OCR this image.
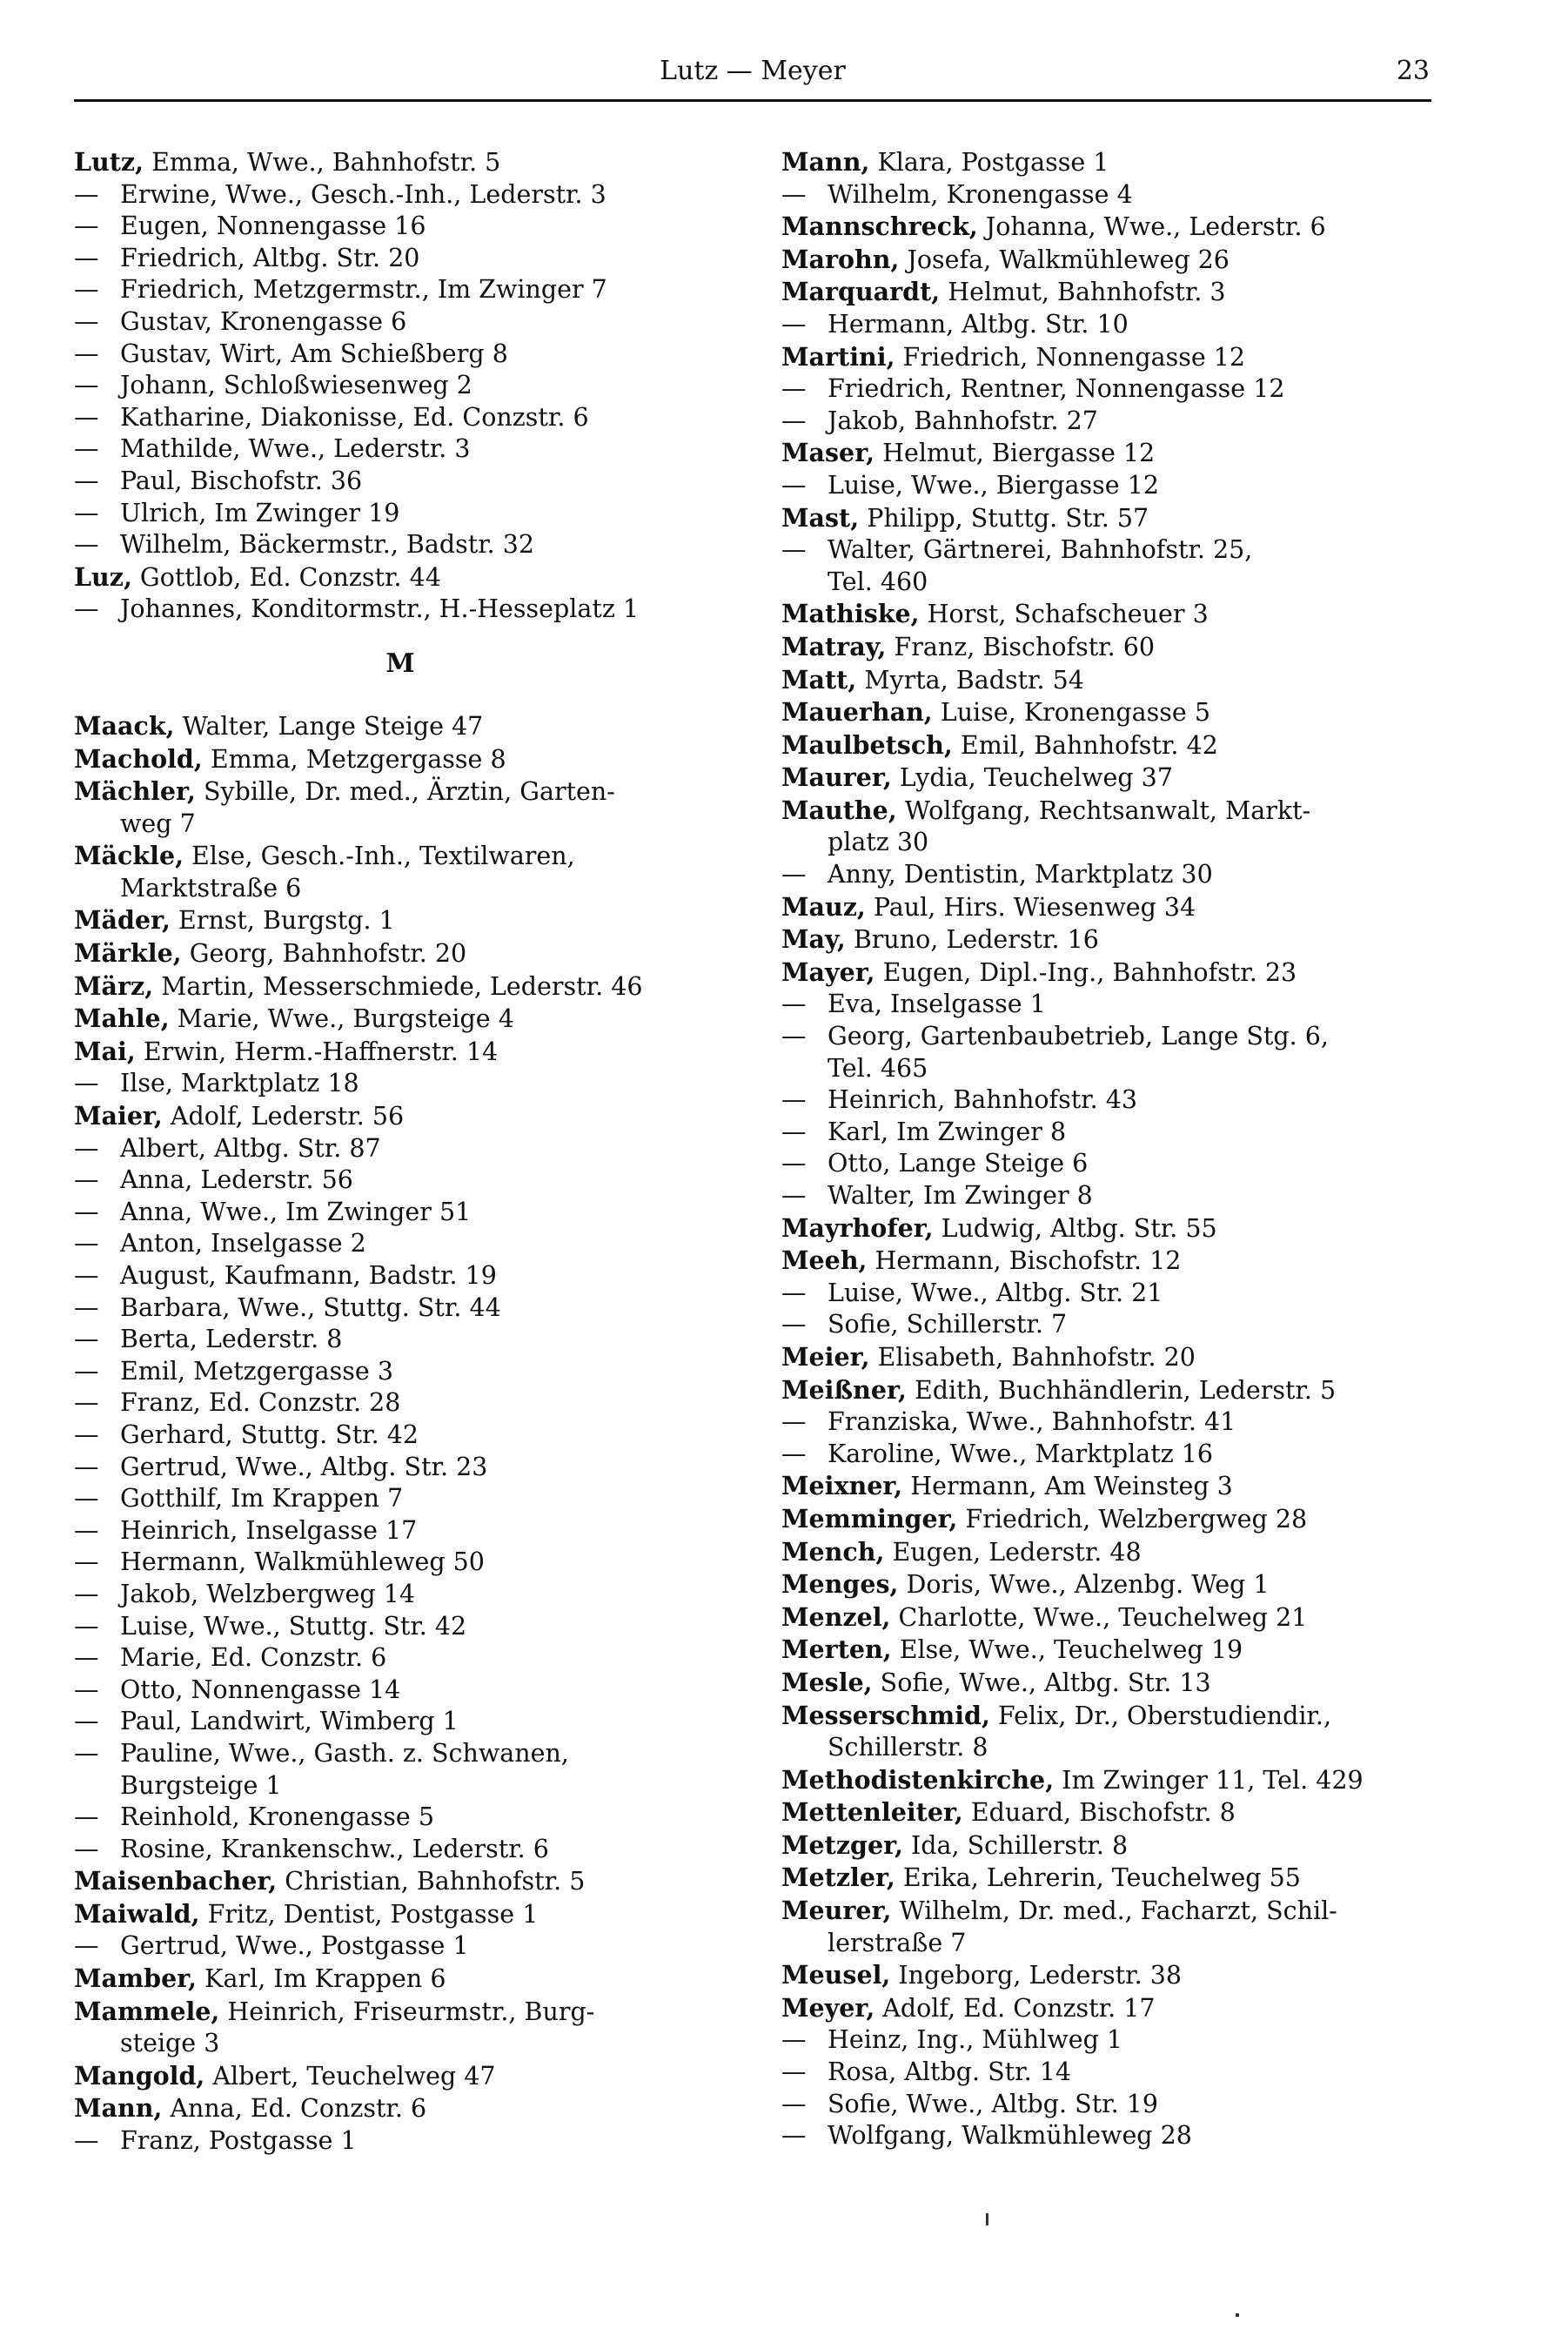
Lutz — Meyer	23
Lutz, Emma, Wwe., Bahnhofstr. 5
— Erwine, Wwe., Gesch.-Inh., Lederstr. 3
— Eugen, Nonnengasse 16
— Friedrich, Altbg. Str. 20
— Friedrich, Metzgermstr., Im Zwinger 7
— Gustav, Kronengasse 6
— Gustav, Wirt, Am Schießberg 8
— Johann, Schloßwiesenweg 2
— Katharine, Diakonisse, Ed. Conzstr. 6
— Mathilde, Wwe., Lederstr. 3
— Paul, Bischofstr. 36
— Ulrich, Im Zwinger 19
— Wilhelm, Bäckermstr., Badstr. 32
Luz, Gottlob, Ed. Conzstr. 44
— Johannes, Konditormstr., H.-Hesseplatz 1
M
Maack, Walter, Lange Steige 47
Machold, Emma, Metzgergasse 8
Mächler, Sybille, Dr. med., Ärztin, Garten-
weg 7
Mäckle, Else, Gesch.-Inh., Textilwaren,
Marktstraße 6
Mäder, Ernst, Burgstg. 1
Märkle, Georg, Bahnhofstr. 20
März, Martin, Messerschmiede, Lederstr. 46
Mahle, Marie, Wwe., Burgsteige 4
Mai, Erwin, Herm.-Haffnerstr. 14
— Ilse, Marktplatz 18
Maier, Adolf, Lederstr. 56
— Albert, Altbg. Str. 87
— Anna, Lederstr. 56
— Anna, Wwe., Im Zwinger 51
— Anton, Inselgasse 2
— August, Kaufmann, Badstr. 19
— Barbara, Wwe., Stuttg. Str. 44
— Berta, Lederstr. 8
— Emil, Metzgergasse 3
— Franz, Ed. Conzstr. 28
— Gerhard, Stuttg. Str. 42
— Gertrud, Wwe., Altbg. Str. 23
— Gotthilf, Im Krappen 7
— Heinrich, Inselgasse 17
— Hermann, Walkmühleweg 50
— Jakob, Welzbergweg 14
— Luise, Wwe., Stuttg. Str. 42
— Marie, Ed. Conzstr. 6
— Otto, Nonnengasse 14
— Paul, Landwirt, Wimberg 1
— Pauline, Wwe., Gasth. z. Schwanen,
Burgsteige 1
— Reinhold, Kronengasse 5
— Rosine, Krankenschw., Lederstr. 6
Maisenbacher, Christian, Bahnhofstr. 5
Maiwald, Fritz, Dentist, Postgasse 1
— Gertrud, Wwe., Postgasse 1
Mamber, Karl, Im Krappen 6
Mammele, Heinrich, Friseurmstr., Burg-
steige 3
Mangold, Albert, Teuchelweg 47
Mann, Anna, Ed. Conzstr. 6
— Franz, Postgasse 1
Mann, Klara, Postgasse 1
— Wilhelm, Kronengasse 4
Mannschreck, Johanna, Wwe., Lederstr. 6
Marohn, Josefa, Walkmühleweg 26
Marquardt, Helmut, Bahnhofstr. 3
— Hermann, Altbg. Str. 10
Martini, Friedrich, Nonnengasse 12
— Friedrich, Rentner, Nonnengasse 12
— Jakob, Bahnhofstr. 27
Maser, Helmut, Biergasse 12
— Luise, Wwe., Biergasse 12
Mast, Philipp, Stuttg. Str. 57
— Walter, Gärtnerei, Bahnhofstr. 25,
Tel. 460
Mathiske, Horst, Schafscheuer 3
Matray, Franz, Bischofstr. 60
Matt, Myrta, Badstr. 54
Mauerhan, Luise, Kronengasse 5
Maulbetsch, Emil, Bahnhofstr. 42
Maurer, Lydia, Teuchelweg 37
Mauthe, Wolfgang, Rechtsanwalt, Markt-
platz 30
— Anny, Dentistin, Marktplatz 30
Mauz, Paul, Hirs. Wiesenweg 34
May, Bruno, Lederstr. 16
Mayer, Eugen, Dipl.-Ing., Bahnhofstr. 23
— Eva, Inselgasse 1
— Georg, Gartenbaubetrieb, Lange Stg. 6,
Tel. 465
— Heinrich, Bahnhofstr. 43
— Karl, Im Zwinger 8
— Otto, Lange Steige 6
— Walter, Im Zwinger 8
Mayrhofer, Ludwig, Altbg. Str. 55
Meeh, Hermann, Bischofstr. 12
— Luise, Wwe., Altbg. Str. 21
— Sofie, Schillerstr. 7
Meier, Elisabeth, Bahnhofstr. 20
Meißner, Edith, Buchhändlerin, Lederstr. 5
— Franziska, Wwe., Bahnhofstr. 41
— Karoline, Wwe., Marktplatz 16
Meixner, Hermann, Am Weinsteg 3
Memminger, Friedrich, Welzbergweg 28
Mench, Eugen, Lederstr. 48
Menges, Doris, Wwe., Alzenbg. Weg 1
Menzel, Charlotte, Wwe., Teuchelweg 21
Merten, Else, Wwe., Teuchelweg 19
Mesle, Sofie, Wwe., Altbg. Str. 13
Messerschmid, Felix, Dr., Oberstudiendir.,
Schillerstr. 8
Methodistenkirche, Im Zwinger 11, Tel. 429
Mettenleiter, Eduard, Bischofstr. 8
Metzger, Ida, Schillerstr. 8
Metzler, Erika, Lehrerin, Teuchelweg 55
Meurer, Wilhelm, Dr. med., Facharzt, Schil-
lerstraße 7
Meusel, Ingeborg, Lederstr. 38
Meyer, Adolf, Ed. Conzstr. 17
— Heinz, Ing., Mühlweg 1
— Rosa, Altbg. Str. 14
— Sofie, Wwe., Altbg. Str. 19
— Wolfgang, Walkmühleweg 28
